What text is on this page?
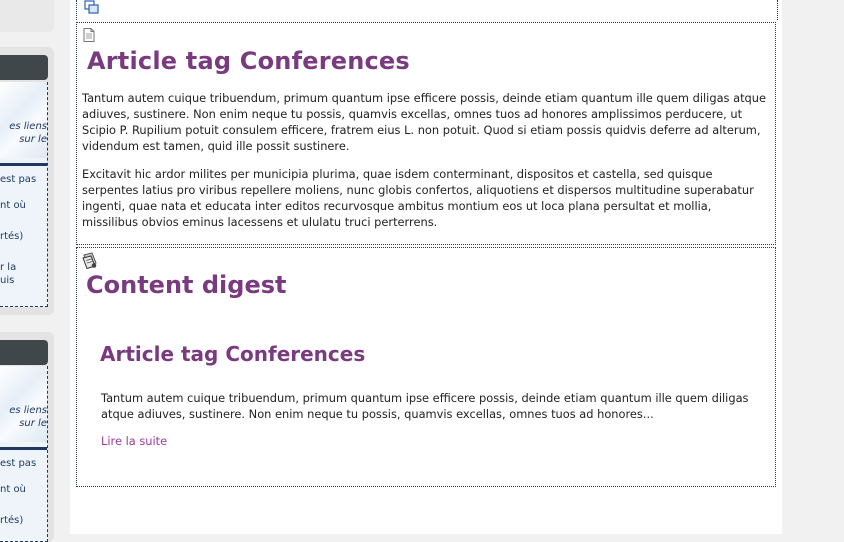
es liens
sur le
est pas
nt où
rtés)
r la
uis
es liens
sur le
est pas
nt où
rtés)
Article tag Conferences

Tantum autem cuique tribuendum, primum quantum ipse efficere possis, deinde etiam quantum ille quem diligas atque adiuves, sustinere. Non enim neque tu possis, quamvis excellas, omnes tuos ad honores amplissimos perducere, ut Scipio P. Rupilium potuit consulem efficere, fratrem eius L. non potuit. Quod si etiam possis quidvis deferre ad alterum, videndum est tamen, quid ille possit sustinere.

Excitavit hic ardor milites per municipia plurima, quae isdem conterminant, dispositos et castella, sed quisque serpentes latius pro viribus repellere moliens, nunc globis confertos, aliquotiens et dispersos multitudine superabatur ingenti, quae nata et educata inter editos recurvosque ambitus montium eos ut loca plana persultat et mollia, missilibus obvios eminus lacessens et ululatu truci perterrens.

Content digest
Article tag Conferences

Tantum autem cuique tribuendum, primum quantum ipse efficere possis, deinde etiam quantum ille quem diligas atque adiuves, sustinere. Non enim neque tu possis, quamvis excellas, omnes tuos ad honores...

Lire la suite
